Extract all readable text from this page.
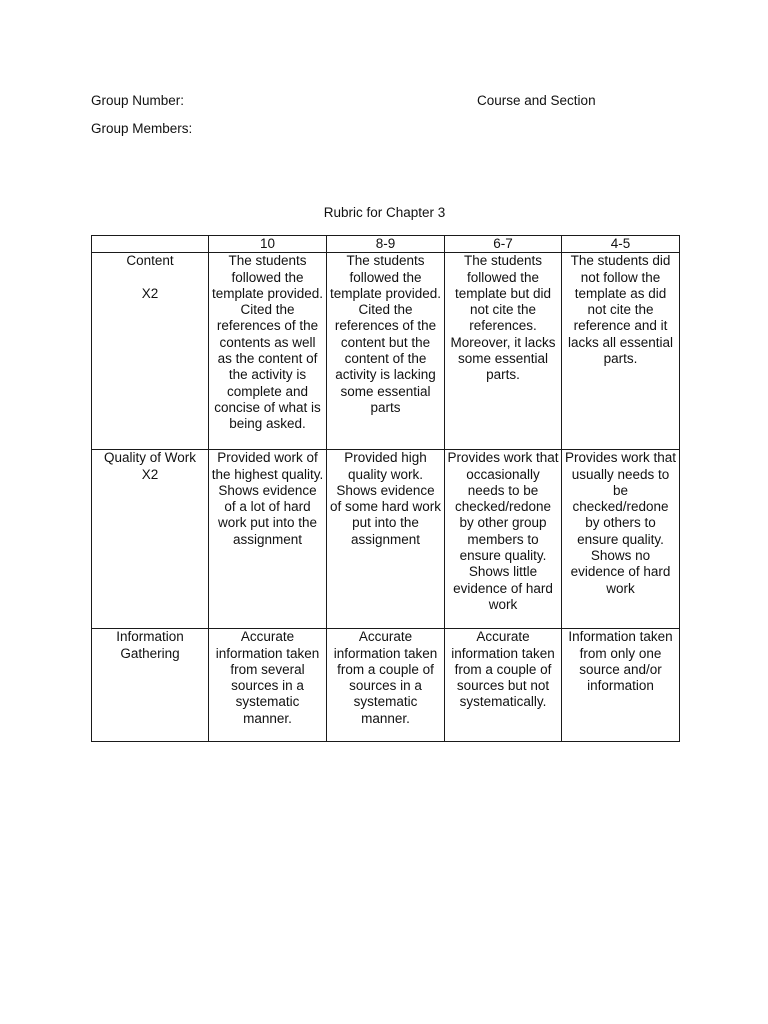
Group Number:	Course and Section
Group Members:
Rubric for Chapter 3
	10	8-9	6-7	4-5

Content
X2	The students followed the template provided. Cited the references of the contents as well as the content of the activity is complete and concise of what is being asked.	The students followed the template provided. Cited the references of the content but the content of the activity is lacking some essential parts	The students followed the template but did not cite the references. Moreover, it lacks some essential parts.	The students did not follow the template as did not cite the reference and it lacks all essential parts.

Quality of Work
X2	Provided work of the highest quality. Shows evidence of a lot of hard work put into the assignment	Provided high quality work. Shows evidence of some hard work put into the assignment	Provides work that occasionally needs to be checked/redone by other group members to ensure quality. Shows little evidence of hard work	Provides work that usually needs to be checked/redone by others to ensure quality. Shows no evidence of hard work

Information Gathering	Accurate information taken from several sources in a systematic manner.	Accurate information taken from a couple of sources in a systematic manner.	Accurate information taken from a couple of sources but not systematically.	Information taken from only one source and/or information
